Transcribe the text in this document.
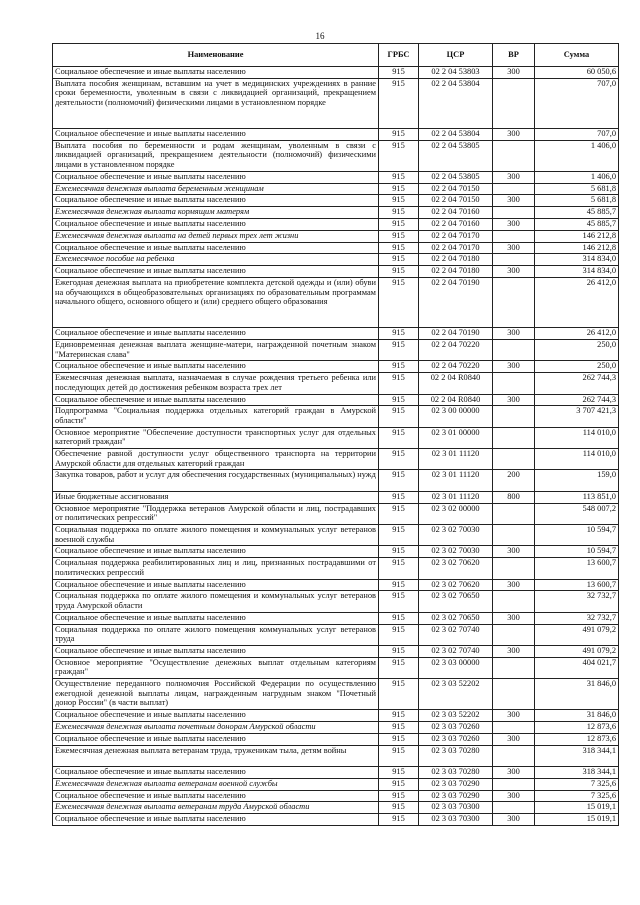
16
Наименование	ГРБС	ЦСР	ВР	Сумма
Социальное обеспечение и иные выплаты населению	915	02 2 04 53803	300	60 050,6
Выплата пособия женщинам, вставшим на учет в медицинских учреждениях в ранние сроки беременности, уволенным в связи с ликвидацией организаций, прекращением деятельности (полномочий) физическими лицами в установленном порядке	915	02 2 04 53804		707,0
Социальное обеспечение и иные выплаты населению	915	02 2 04 53804	300	707,0
Выплата пособия по беременности и родам женщинам, уволенным в связи с ликвидацией организаций, прекращением деятельности (полномочий) физическими лицами в установленном порядке	915	02 2 04 53805		1 406,0
Социальное обеспечение и иные выплаты населению	915	02 2 04 53805	300	1 406,0
Ежемесячная денежная выплата беременным женщинам	915	02 2 04 70150		5 681,8
Социальное обеспечение и иные выплаты населению	915	02 2 04 70150	300	5 681,8
Ежемесячная денежная выплата кормящим матерям	915	02 2 04 70160		45 885,7
Социальное обеспечение и иные выплаты населению	915	02 2 04 70160	300	45 885,7
Ежемесячная денежная выплата на детей первых трех лет жизни	915	02 2 04 70170		146 212,8
Социальное обеспечение и иные выплаты населению	915	02 2 04 70170	300	146 212,8
Ежемесячное пособие на ребенка	915	02 2 04 70180		314 834,0
Социальное обеспечение и иные выплаты населению	915	02 2 04 70180	300	314 834,0
Ежегодная денежная выплата на приобретение комплекта детской одежды и (или) обуви на обучающихся в общеобразовательных организациях по образовательным программам начального общего, основного общего и (или) среднего общего образования	915	02 2 04 70190		26 412,0
Социальное обеспечение и иные выплаты населению	915	02 2 04 70190	300	26 412,0
Единовременная денежная выплата женщине-матери, награжденной почетным знаком "Материнская слава"	915	02 2 04 70220		250,0
Социальное обеспечение и иные выплаты населению	915	02 2 04 70220	300	250,0
Ежемесячная денежная выплата, назначаемая в случае рождения третьего ребенка или последующих детей до достижения ребенком возраста трех лет	915	02 2 04 R0840		262 744,3
Социальное обеспечение и иные выплаты населению	915	02 2 04 R0840	300	262 744,3
Подпрограмма "Социальная поддержка отдельных категорий граждан в Амурской области"	915	02 3 00 00000		3 707 421,3
Основное мероприятие "Обеспечение доступности транспортных услуг для отдельных категорий граждан"	915	02 3 01 00000		114 010,0
Обеспечение равной доступности услуг общественного транспорта на территории Амурской области для отдельных категорий граждан	915	02 3 01 11120		114 010,0
Закупка товаров, работ и услуг для обеспечения государственных (муниципальных) нужд	915	02 3 01 11120	200	159,0
Иные бюджетные ассигнования	915	02 3 01 11120	800	113 851,0
Основное мероприятие "Поддержка ветеранов Амурской области и лиц, пострадавших от политических репрессий"	915	02 3 02 00000		548 007,2
Социальная поддержка по оплате жилого помещения и коммунальных услуг ветеранов военной службы	915	02 3 02 70030		10 594,7
Социальное обеспечение и иные выплаты населению	915	02 3 02 70030	300	10 594,7
Социальная поддержка реабилитированных лиц и лиц, признанных пострадавшими от политических репрессий	915	02 3 02 70620		13 600,7
Социальное обеспечение и иные выплаты населению	915	02 3 02 70620	300	13 600,7
Социальная поддержка по оплате жилого помещения и коммунальных услуг ветеранов труда Амурской области	915	02 3 02 70650		32 732,7
Социальное обеспечение и иные выплаты населению	915	02 3 02 70650	300	32 732,7
Социальная поддержка по оплате жилого помещения коммунальных услуг ветеранов труда	915	02 3 02 70740		491 079,2
Социальное обеспечение и иные выплаты населению	915	02 3 02 70740	300	491 079,2
Основное мероприятие "Осуществление денежных выплат отдельным категориям граждан"	915	02 3 03 00000		404 021,7
Осуществление переданного полномочия Российской Федерации по осуществлению ежегодной денежной выплаты лицам, награжденным нагрудным знаком "Почетный донор России" (в части выплат)	915	02 3 03 52202		31 846,0
Социальное обеспечение и иные выплаты населению	915	02 3 03 52202	300	31 846,0
Ежемесячная денежная выплата почетным донорам Амурской области	915	02 3 03 70260		12 873,6
Социальное обеспечение и иные выплаты населению	915	02 3 03 70260	300	12 873,6
Ежемесячная денежная выплата ветеранам труда, труженикам тыла, детям войны	915	02 3 03 70280		318 344,1
Социальное обеспечение и иные выплаты населению	915	02 3 03 70280	300	318 344,1
Ежемесячная денежная выплата ветеранам военной службы	915	02 3 03 70290		7 325,6
Социальное обеспечение и иные выплаты населению	915	02 3 03 70290	300	7 325,6
Ежемесячная денежная выплата ветеранам труда Амурской области	915	02 3 03 70300		15 019,1
Социальное обеспечение и иные выплаты населению	915	02 3 03 70300	300	15 019,1
